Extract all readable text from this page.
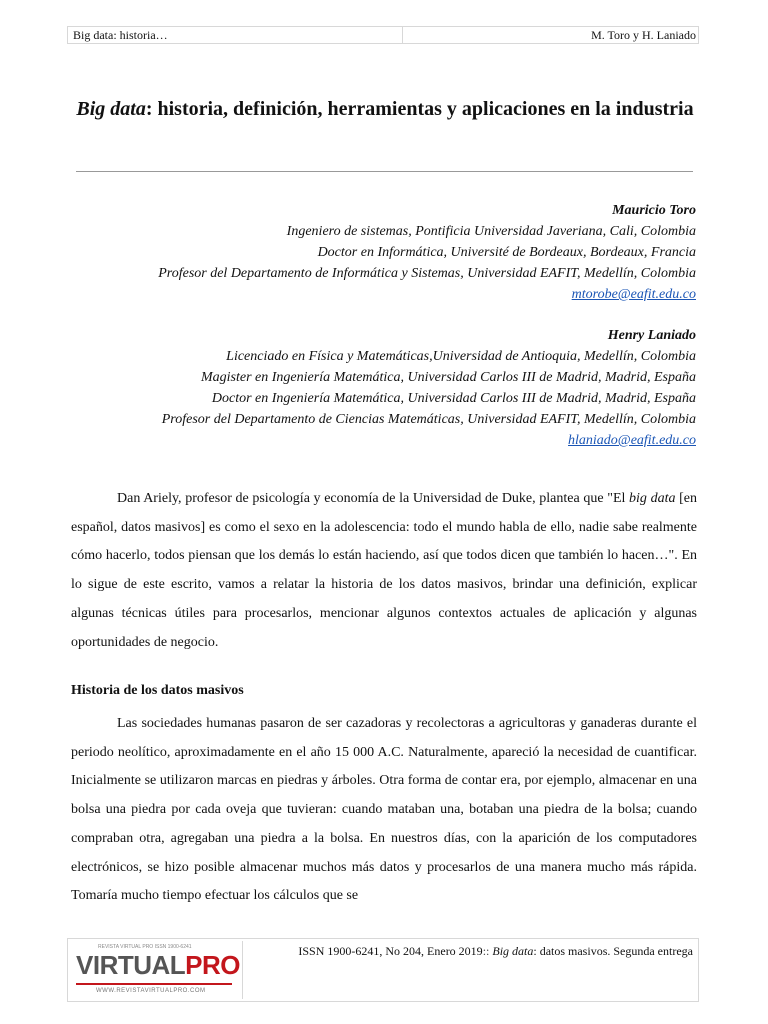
Big data: historia…	M. Toro y H. Laniado
Big data: historia, definición, herramientas y aplicaciones en la industria
Mauricio Toro
Ingeniero de sistemas, Pontificia Universidad Javeriana, Cali, Colombia
Doctor en Informática, Université de Bordeaux, Bordeaux, Francia
Profesor del Departamento de Informática y Sistemas, Universidad EAFIT, Medellín, Colombia
mtorobe@eafit.edu.co
Henry Laniado
Licenciado en Física y Matemáticas,Universidad de Antioquia, Medellín, Colombia
Magister en Ingeniería Matemática, Universidad Carlos III de Madrid, Madrid, España
Doctor en Ingeniería Matemática, Universidad Carlos III de Madrid, Madrid, España
Profesor del Departamento de Ciencias Matemáticas, Universidad EAFIT, Medellín, Colombia
hlaniado@eafit.edu.co

Dan Ariely, profesor de psicología y economía de la Universidad de Duke, plantea que "El big data [en español, datos masivos] es como el sexo en la adolescencia: todo el mundo habla de ello, nadie sabe realmente cómo hacerlo, todos piensan que los demás lo están haciendo, así que todos dicen que también lo hacen…". En lo sigue de este escrito, vamos a relatar la historia de los datos masivos, brindar una definición, explicar algunas técnicas útiles para procesarlos, mencionar algunos contextos actuales de aplicación y algunas oportunidades de negocio.

Historia de los datos masivos

Las sociedades humanas pasaron de ser cazadoras y recolectoras a agricultoras y ganaderas durante el periodo neolítico, aproximadamente en el año 15 000 A.C. Naturalmente, apareció la necesidad de cuantificar. Inicialmente se utilizaron marcas en piedras y árboles. Otra forma de contar era, por ejemplo, almacenar en una bolsa una piedra por cada oveja que tuvieran: cuando mataban una, botaban una piedra de la bolsa; cuando compraban otra, agregaban una piedra a la bolsa. En nuestros días, con la aparición de los computadores electrónicos, se hizo posible almacenar muchos más datos y procesarlos de una manera mucho más rápida. Tomaría mucho tiempo efectuar los cálculos que se

REVISTA VIRTUAL PRO ISSN 1900-6241
VIRTUALPRO
WWW.REVISTAVIRTUALPRO.COM
ISSN 1900-6241, No 204, Enero 2019:: Big data: datos masivos. Segunda entrega
